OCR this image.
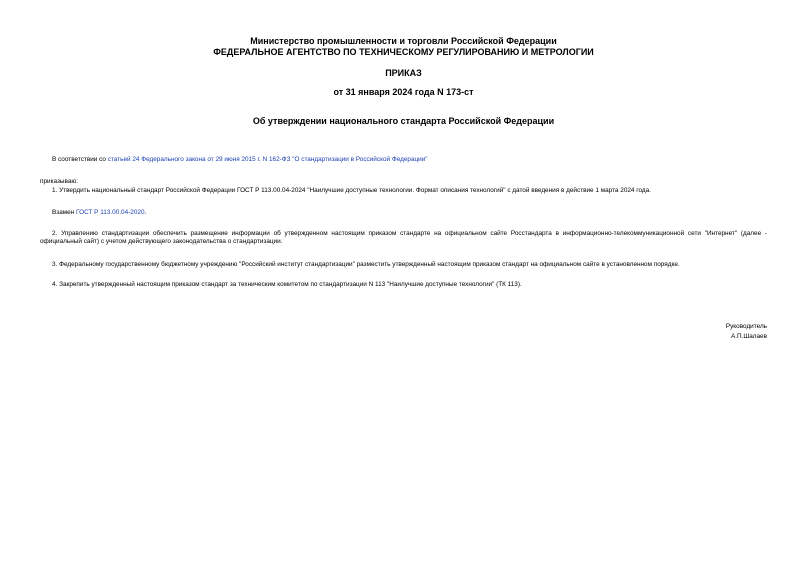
Министерство промышленности и торговли Российской Федерации
ФЕДЕРАЛЬНОЕ АГЕНТСТВО ПО ТЕХНИЧЕСКОМУ РЕГУЛИРОВАНИЮ И МЕТРОЛОГИИ
ПРИКАЗ
от 31 января 2024 года N 173-ст
Об утверждении национального стандарта Российской Федерации
В соответствии со статьей 24 Федерального закона от 29 июня 2015 г. N 162-ФЗ "О стандартизации в Российской Федерации"
приказываю:
1. Утвердить национальный стандарт Российской Федерации ГОСТ Р 113.00.04-2024 "Наилучшие доступные технологии. Формат описания технологий" с датой введения в действие 1 марта 2024 года.
Взамен ГОСТ Р 113.00.04-2020.
2. Управлению стандартизации обеспечить размещение информации об утвержденном настоящим приказом стандарте на официальном сайте Росстандарта в информационно-телекоммуникационной сети "Интернет" (далее - официальный сайт) с учетом действующего законодательства о стандартизации.
3. Федеральному государственному бюджетному учреждению "Российский институт стандартизации" разместить утвержденный настоящим приказом стандарт на официальном сайте в установленном порядке.
4. Закрепить утвержденный настоящим приказом стандарт за техническим комитетом по стандартизации N 113 "Наилучшие доступные технологии" (ТК 113).
Руководитель
А.П.Шалаев
